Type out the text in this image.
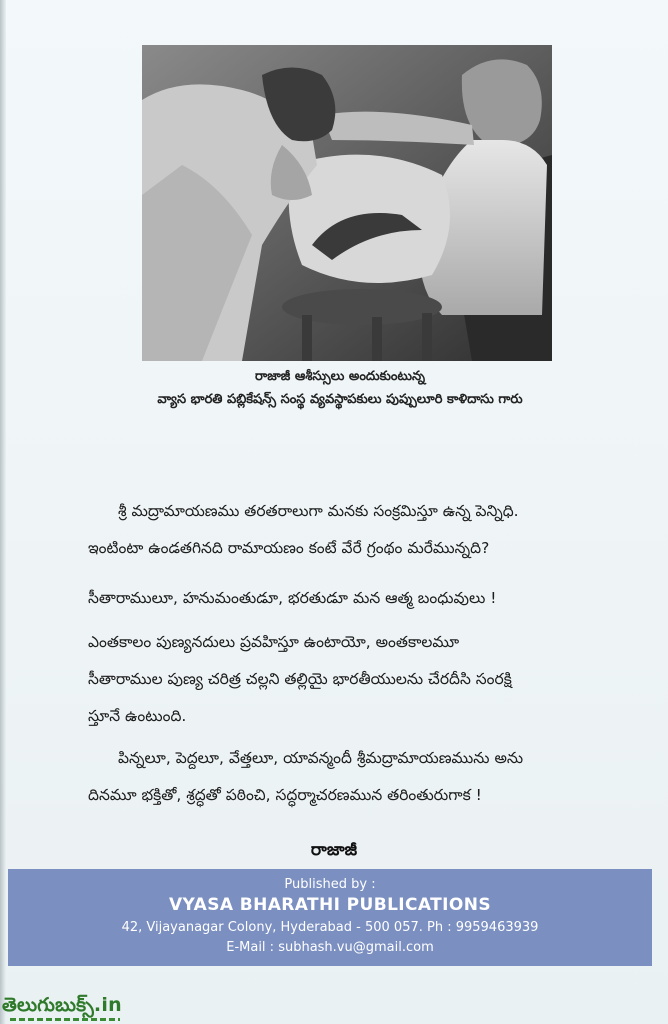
రాజాజీ ఆశీస్సులు అందుకుంటున్న
వ్యాస భారతి పబ్లికేషన్స్ సంస్థ వ్యవస్థాపకులు పుప్పులూరి కాళిదాసు గారు
శ్రీ మద్రామాయణము తరతరాలుగా మనకు సంక్రమిస్తూ ఉన్న పెన్నిధి.
ఇంటింటా ఉండతగినది రామాయణం కంటే వేరే గ్రంథం మరేమున్నది?
సీతారాములూ, హనుమంతుడూ, భరతుడూ మన ఆత్మ బంధువులు !
ఎంతకాలం పుణ్యనదులు ప్రవహిస్తూ ఉంటాయో, అంతకాలమూ
సీతారాముల పుణ్య చరిత్ర చల్లని తల్లియై భారతీయులను చేరదీసి సంరక్షి
స్తూనే ఉంటుంది.
పిన్నలూ, పెద్దలూ, వేత్తలూ, యావన్మందీ శ్రీమద్రామాయణమును అను
దినమూ భక్తితో, శ్రద్ధతో పఠించి, సద్ధర్మాచరణమున తరింతురుగాక !
రాజాజీ
Published by :
VYASA BHARATHI PUBLICATIONS
42, Vijayanagar Colony, Hyderabad - 500 057. Ph : 9959463939
E-Mail : subhash.vu@gmail.com
తెలుగుబుక్స్.in
